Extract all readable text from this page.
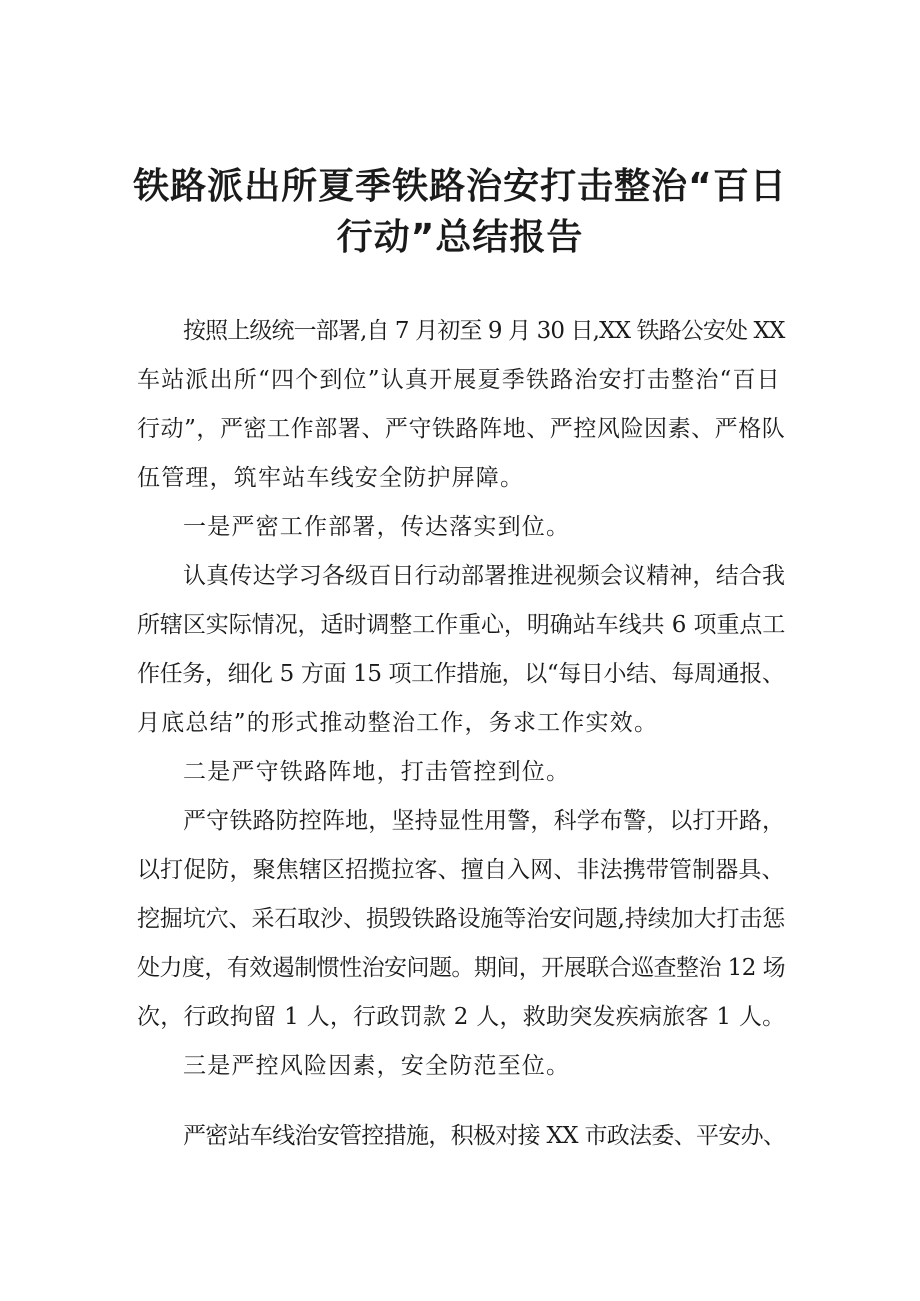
铁路派出所夏季铁路治安打击整治“百日
行动”总结报告
按照上级统一部署,自 7 月初至 9 月 30 日,XX 铁路公安处 XX
车站派出所“四个到位”认真开展夏季铁路治安打击整治“百日
行动”，严密工作部署、严守铁路阵地、严控风险因素、严格队
伍管理，筑牢站车线安全防护屏障。
一是严密工作部署，传达落实到位。
认真传达学习各级百日行动部署推进视频会议精神，结合我
所辖区实际情况，适时调整工作重心，明确站车线共 6 项重点工
作任务，细化 5 方面 15 项工作措施，以“每日小结、每周通报、
月底总结”的形式推动整治工作，务求工作实效。
二是严守铁路阵地，打击管控到位。
严守铁路防控阵地，坚持显性用警，科学布警，以打开路，
以打促防，聚焦辖区招揽拉客、擅自入网、非法携带管制器具、
挖掘坑穴、采石取沙、损毁铁路设施等治安问题,持续加大打击惩
处力度，有效遏制惯性治安问题。期间，开展联合巡查整治 12 场
次，行政拘留 1 人，行政罚款 2 人，救助突发疾病旅客 1 人。
三是严控风险因素，安全防范至位。
严密站车线治安管控措施，积极对接 XX 市政法委、平安办、
